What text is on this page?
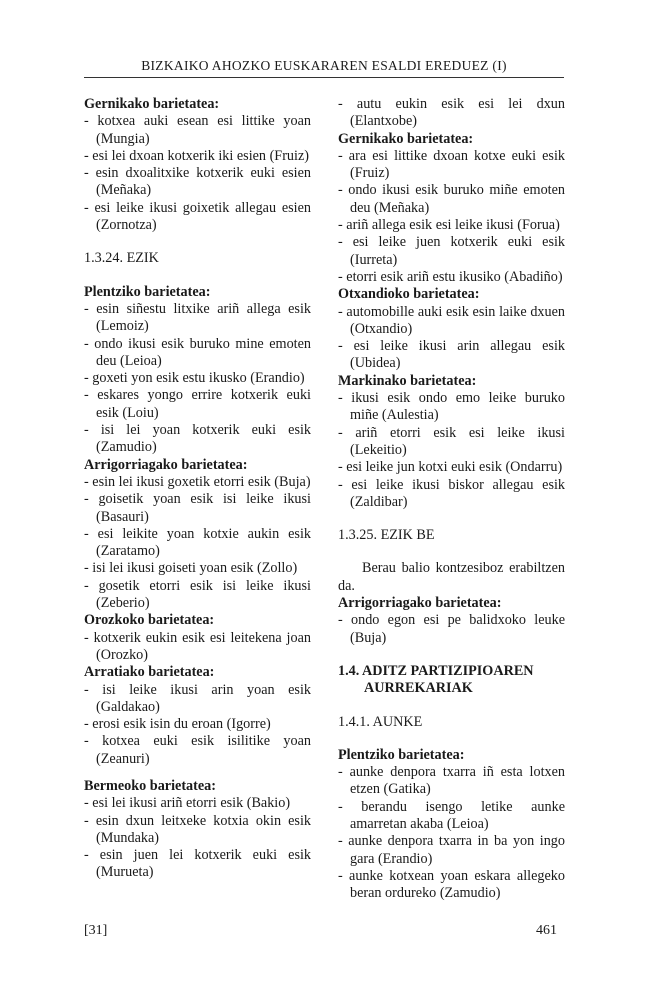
BIZKAIKO AHOZKO EUSKARAREN ESALDI EREDUEZ (I)

Gernikako barietatea:

- kotxea auki esean esi littike yoan (Mungia)

- esi lei dxoan kotxerik iki esien (Fruiz)

- esin dxoalitxike kotxerik euki esien (Meñaka)

- esi leike ikusi goixetik allegau esien (Zornotza)

1.3.24. EZIK

Plentziko barietatea:

- esin siñestu litxike ariñ allega esik (Lemoiz)

- ondo ikusi esik buruko mine emoten deu (Leioa)

- goxeti yon esik estu ikusko (Erandio)

- eskares yongo errire kotxerik euki esik (Loiu)

- isi lei yoan kotxerik euki esik (Zamudio)

Arrigorriagako barietatea:

- esin lei ikusi goxetik etorri esik (Buja)

- goisetik yoan esik isi leike ikusi (Basauri)

- esi leikite yoan kotxie aukin esik (Zaratamo)

- isi lei ikusi goiseti yoan esik (Zollo)

- gosetik etorri esik isi leike ikusi (Zeberio)

Orozkoko barietatea:

- kotxerik eukin esik esi leitekena joan (Orozko)

Arratiako barietatea:

- isi leike ikusi arin yoan esik (Galdakao)

- erosi esik isin du eroan (Igorre)

- kotxea euki esik isilitike yoan (Zeanuri)

Bermeoko barietatea:

- esi lei ikusi ariñ etorri esik (Bakio)

- esin dxun leitxeke kotxia okin esik (Mundaka)

- esin juen lei kotxerik euki esik (Murueta)

- autu eukin esik esi lei dxun (Elantxobe)

Gernikako barietatea:

- ara esi littike dxoan kotxe euki esik (Fruiz)

- ondo ikusi esik buruko miñe emoten deu (Meñaka)

- ariñ allega esik esi leike ikusi (Forua)

- esi leike juen kotxerik euki esik (Iurreta)

- etorri esik ariñ estu ikusiko (Abadiño)

Otxandioko barietatea:

- automobille auki esik esin laike dxuen (Otxandio)

- esi leike ikusi arin allegau esik (Ubidea)

Markinako barietatea:

- ikusi esik ondo emo leike buruko miñe (Aulestia)

- ariñ etorri esik esi leike ikusi (Lekeitio)

- esi leike jun kotxi euki esik (Ondarru)

- esi leike ikusi biskor allegau esik (Zaldibar)

1.3.25. EZIK BE

Berau balio kontzesiboz erabiltzen da.

Arrigorriagako barietatea:

- ondo egon esi pe balidxoko leuke (Buja)

1.4. ADITZ PARTIZIPIOAREN AURREKARIAK

1.4.1. AUNKE

Plentziko barietatea:

- aunke denpora txarra iñ esta lotxen etzen (Gatika)

- berandu isengo letike aunke amarretan akaba (Leioa)

- aunke denpora txarra in ba yon ingo gara (Erandio)

- aunke kotxean yoan eskara allegeko beran ordureko (Zamudio)

[31]	461
